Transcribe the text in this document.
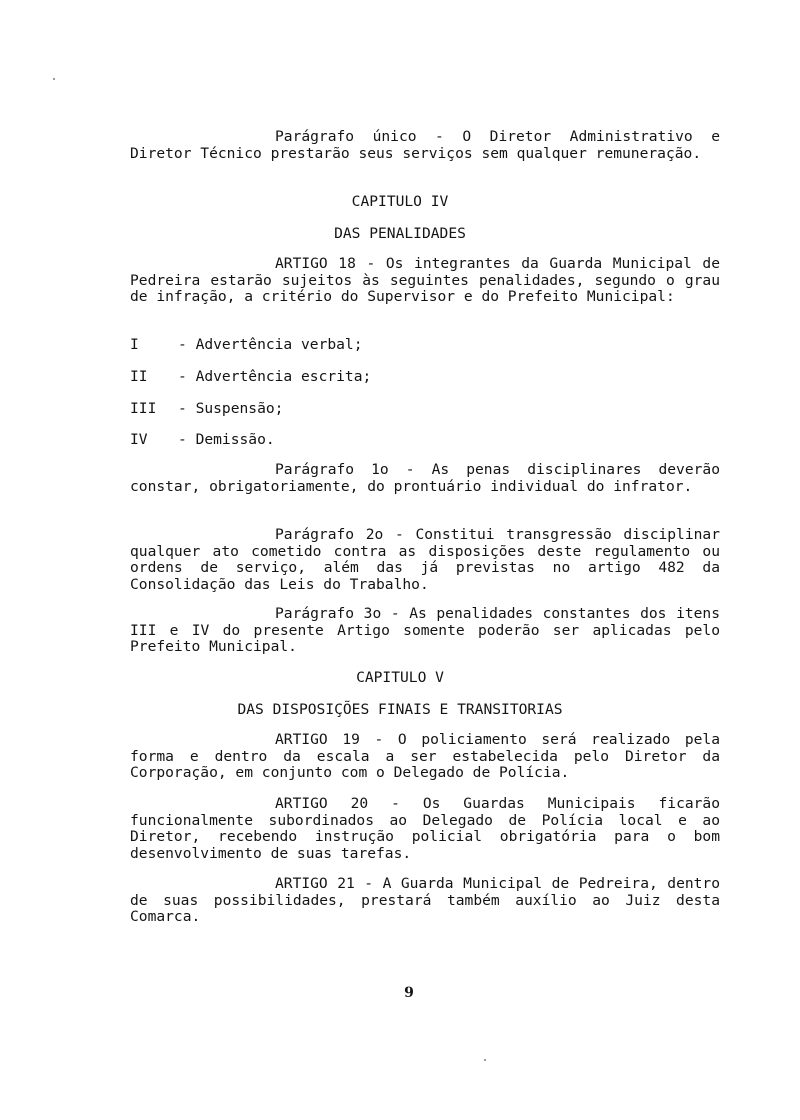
Parágrafo único - O Diretor Administrativo e Diretor Técnico prestarão seus serviços sem qualquer remuneração.
CAPITULO IV
DAS PENALIDADES
ARTIGO 18 - Os integrantes da Guarda Municipal de Pedreira estarão sujeitos às seguintes penalidades, segundo o grau de infração, a critério do Supervisor e do Prefeito Municipal:
I	- Advertência verbal;
II - Advertência escrita;
III - Suspensão;
IV - Demissão.
Parágrafo 1o - As penas disciplinares deverão constar, obrigatoriamente, do prontuário individual do infrator.
Parágrafo 2o - Constitui transgressão disciplinar qualquer ato cometido contra as disposições deste regulamento ou ordens de serviço, além das já previstas no artigo 482 da Consolidação das Leis do Trabalho.
Parágrafo 3o - As penalidades constantes dos itens III e IV do presente Artigo somente poderão ser aplicadas pelo Prefeito Municipal.
CAPITULO V
DAS DISPOSIÇÕES FINAIS E TRANSITORIAS
ARTIGO 19 - O policiamento será realizado pela forma e dentro da escala a ser estabelecida pelo Diretor da Corporação, em conjunto com o Delegado de Polícia.
ARTIGO 20 - Os Guardas Municipais ficarão funcionalmente subordinados ao Delegado de Polícia local e ao Diretor, recebendo instrução policial obrigatória para o bom desenvolvimento de suas tarefas.
ARTIGO 21 - A Guarda Municipal de Pedreira, dentro de suas possibilidades, prestará também auxílio ao Juiz desta Comarca.
9
